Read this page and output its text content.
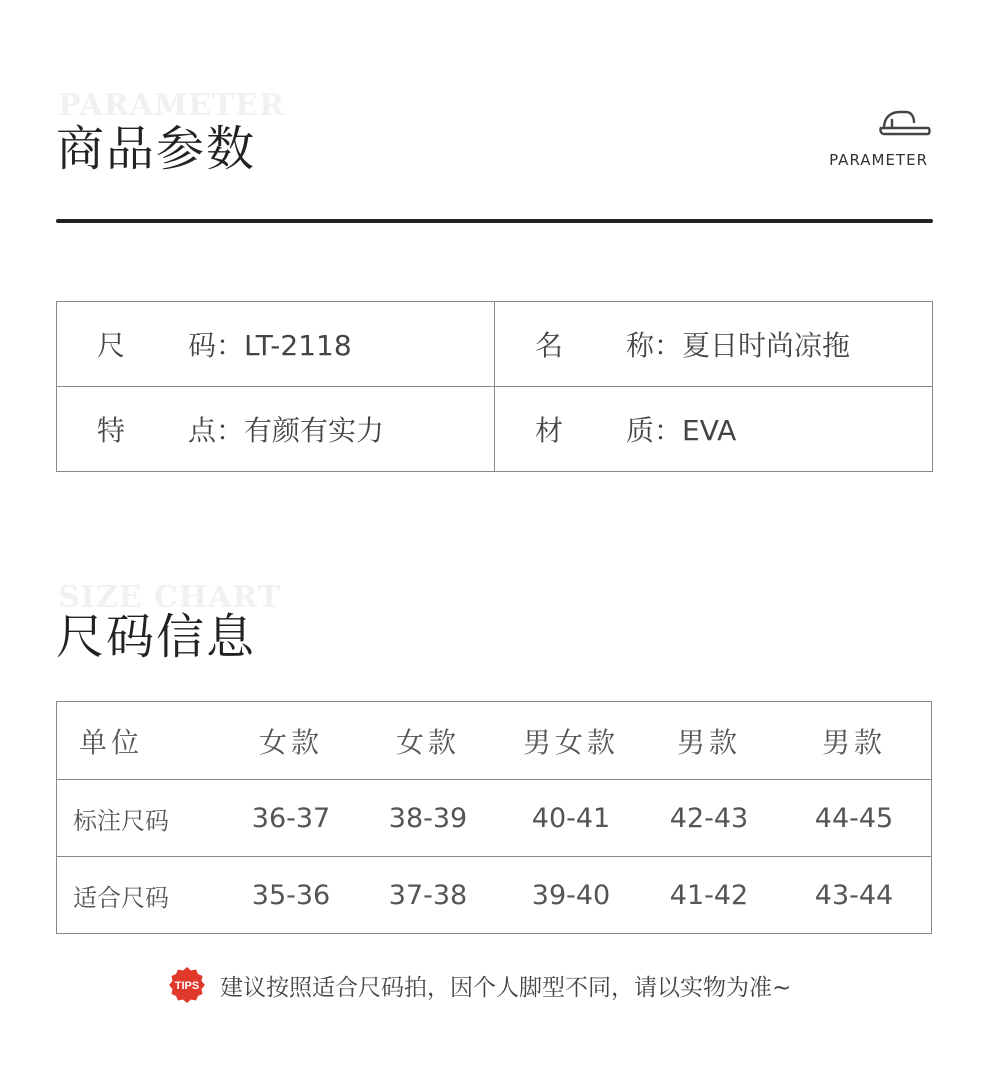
PARAMETER
商品参数	PARAMETER
尺 码：LT-2118	名 称：夏日时尚凉拖
特 点：有颜有实力	材 质：EVA
SIZE CHART
尺码信息
单位	女款	女款	男女款	男款	男款
标注尺码	36-37	38-39	40-41	42-43	44-45
适合尺码	35-36	37-38	39-40	41-42	43-44
TIPS 建议按照适合尺码拍，因个人脚型不同，请以实物为准~
